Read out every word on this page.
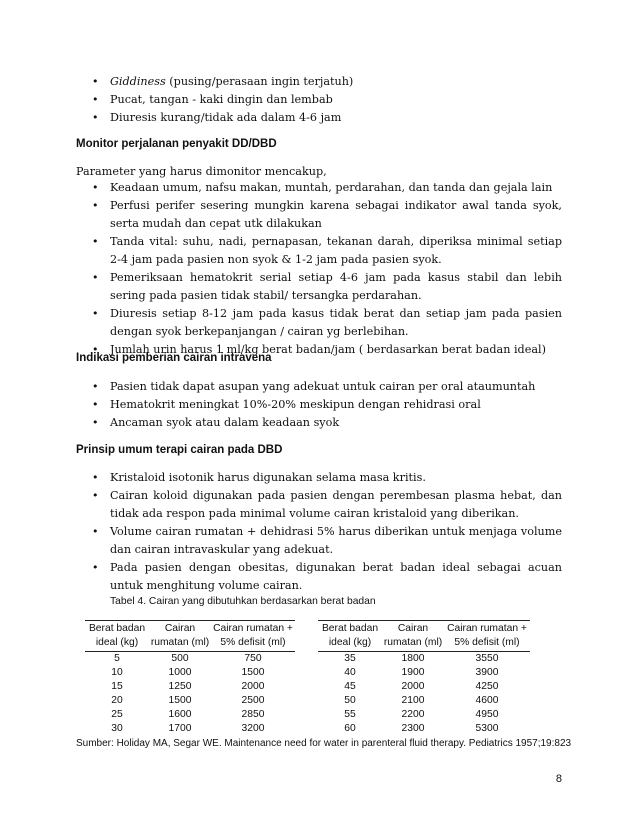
• Giddiness (pusing/perasaan ingin terjatuh)
• Pucat, tangan - kaki dingin dan lembab
• Diuresis kurang/tidak ada dalam 4-6 jam
Monitor perjalanan penyakit DD/DBD
Parameter yang harus dimonitor mencakup,
• Keadaan umum, nafsu makan, muntah, perdarahan, dan tanda dan gejala lain
• Perfusi perifer sesering mungkin karena sebagai indikator awal tanda syok, serta mudah dan cepat utk dilakukan
• Tanda vital: suhu, nadi, pernapasan, tekanan darah, diperiksa minimal setiap 2-4 jam pada pasien non syok & 1-2 jam pada pasien syok.
• Pemeriksaan hematokrit serial setiap 4-6 jam pada kasus stabil dan lebih sering pada pasien tidak stabil/ tersangka perdarahan.
• Diuresis setiap 8-12 jam pada kasus tidak berat dan setiap jam pada pasien dengan syok berkepanjangan / cairan yg berlebihan.
• Jumlah urin harus 1 ml/kg berat badan/jam ( berdasarkan berat badan ideal)
Indikasi pemberian cairan intravena
• Pasien tidak dapat asupan yang adekuat untuk cairan per oral ataumuntah
• Hematokrit meningkat 10%-20% meskipun dengan rehidrasi oral
• Ancaman syok atau dalam keadaan syok
Prinsip umum terapi cairan pada DBD
• Kristaloid isotonik harus digunakan selama masa kritis.
• Cairan koloid digunakan pada pasien dengan perembesan plasma hebat, dan tidak ada respon pada minimal volume cairan kristaloid yang diberikan.
• Volume cairan rumatan + dehidrasi 5% harus diberikan untuk menjaga volume dan cairan intravaskular yang adekuat.
• Pada pasien dengan obesitas, digunakan berat badan ideal sebagai acuan untuk menghitung volume cairan.
Tabel 4. Cairan yang dibutuhkan berdasarkan berat badan
Berat badan ideal (kg)	Cairan rumatan (ml)	Cairan rumatan + 5% defisit (ml)
5	500	750
10	1000	1500
15	1250	2000
20	1500	2500
25	1600	2850
30	1700	3200
Berat badan ideal (kg)	Cairan rumatan (ml)	Cairan rumatan + 5% defisit (ml)
35	1800	3550
40	1900	3900
45	2000	4250
50	2100	4600
55	2200	4950
60	2300	5300
Sumber: Holiday MA, Segar WE. Maintenance need for water in parenteral fluid therapy. Pediatrics 1957;19:823
8
